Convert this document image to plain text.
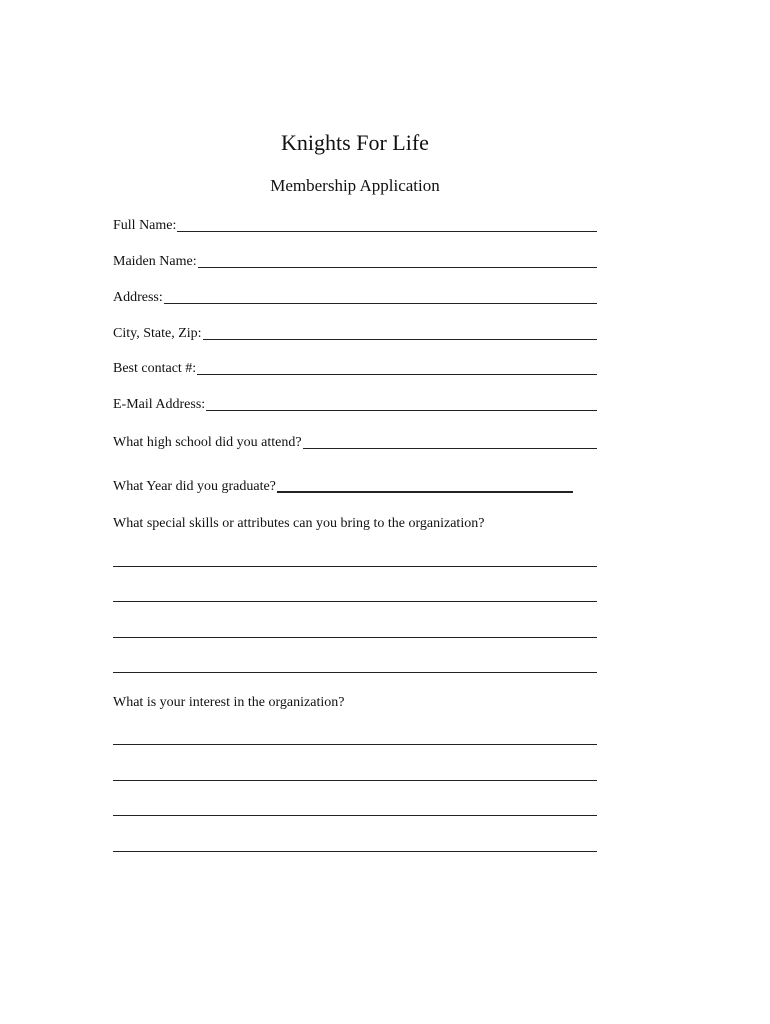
Knights For Life
Membership Application
Full Name:
Maiden Name:
Address:
City, State, Zip:
Best contact #:
E-Mail Address:
What high school did you attend?
What Year did you graduate?
What special skills or attributes can you bring to the organization?
What is your interest in the organization?
